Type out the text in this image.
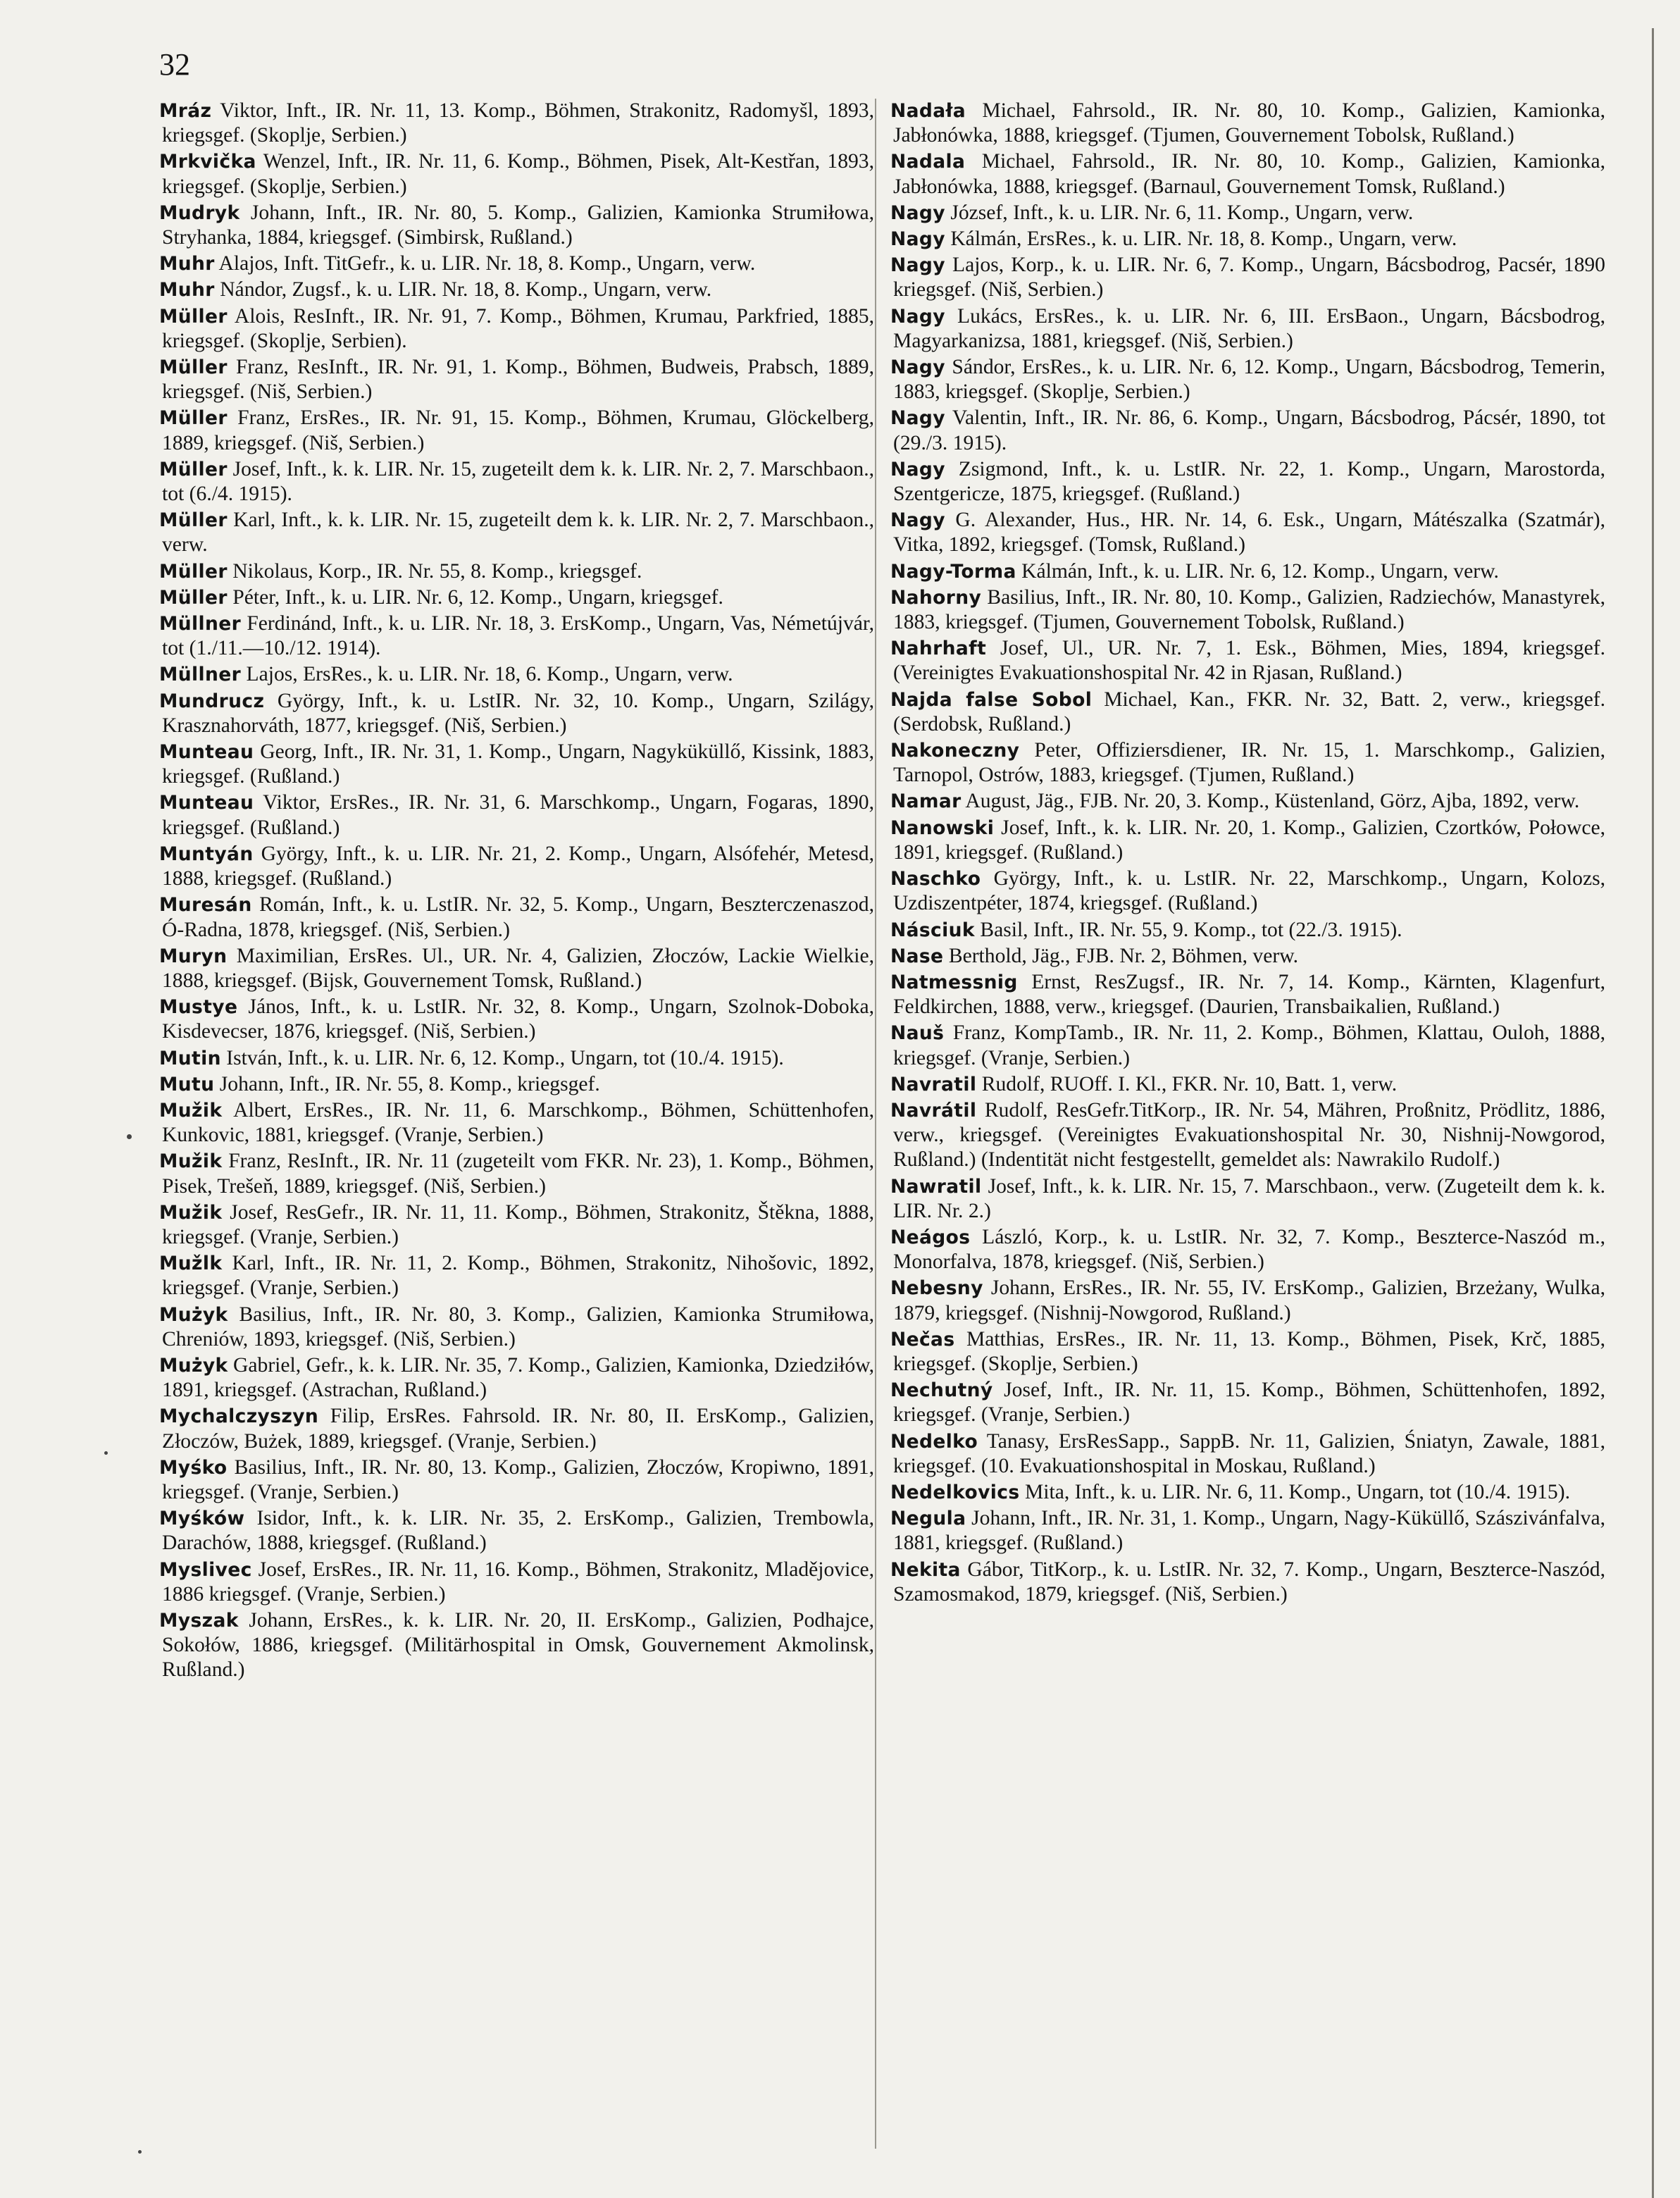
32

Mráz Viktor, Inft., IR. Nr. 11, 13. Komp., Böhmen, Strakonitz, Radomyšl, 1893, kriegsgef. (Skoplje, Serbien.)

Mrkvička Wenzel, Inft., IR. Nr. 11, 6. Komp., Böhmen, Pisek, Alt-Kestřan, 1893, kriegsgef. (Skoplje, Serbien.)

Mudryk Johann, Inft., IR. Nr. 80, 5. Komp., Galizien, Kamionka Strumiłowa, Stryhanka, 1884, kriegsgef. (Simbirsk, Rußland.)

Muhr Alajos, Inft. TitGefr., k. u. LIR. Nr. 18, 8. Komp., Ungarn, verw.

Muhr Nándor, Zugsf., k. u. LIR. Nr. 18, 8. Komp., Ungarn, verw.

Müller Alois, ResInft., IR. Nr. 91, 7. Komp., Böhmen, Krumau, Parkfried, 1885, kriegsgef. (Skoplje, Serbien).

Müller Franz, ResInft., IR. Nr. 91, 1. Komp., Böhmen, Budweis, Prabsch, 1889, kriegsgef. (Niš, Serbien.)

Müller Franz, ErsRes., IR. Nr. 91, 15. Komp., Böhmen, Krumau, Glöckelberg, 1889, kriegsgef. (Niš, Serbien.)

Müller Josef, Inft., k. k. LIR. Nr. 15, zugeteilt dem k. k. LIR. Nr. 2, 7. Marschbaon., tot (6./4. 1915).

Müller Karl, Inft., k. k. LIR. Nr. 15, zugeteilt dem k. k. LIR. Nr. 2, 7. Marschbaon., verw.

Müller Nikolaus, Korp., IR. Nr. 55, 8. Komp., kriegsgef.

Müller Péter, Inft., k. u. LIR. Nr. 6, 12. Komp., Ungarn, kriegsgef.

Müllner Ferdinánd, Inft., k. u. LIR. Nr. 18, 3. ErsKomp., Ungarn, Vas, Németújvár, tot (1./11.—10./12. 1914).

Müllner Lajos, ErsRes., k. u. LIR. Nr. 18, 6. Komp., Ungarn, verw.

Mundrucz György, Inft., k. u. LstIR. Nr. 32, 10. Komp., Ungarn, Szilágy, Krasznahorváth, 1877, kriegsgef. (Niš, Serbien.)

Munteau Georg, Inft., IR. Nr. 31, 1. Komp., Ungarn, Nagyküküllő, Kissink, 1883, kriegsgef. (Rußland.)

Munteau Viktor, ErsRes., IR. Nr. 31, 6. Marschkomp., Ungarn, Fogaras, 1890, kriegsgef. (Rußland.)

Muntyán György, Inft., k. u. LIR. Nr. 21, 2. Komp., Ungarn, Alsófehér, Metesd, 1888, kriegsgef. (Rußland.)

Muresán Román, Inft., k. u. LstIR. Nr. 32, 5. Komp., Ungarn, Beszterczenaszod, Ó-Radna, 1878, kriegsgef. (Niš, Serbien.)

Muryn Maximilian, ErsRes. Ul., UR. Nr. 4, Galizien, Złoczów, Lackie Wielkie, 1888, kriegsgef. (Bijsk, Gouvernement Tomsk, Rußland.)

Mustye János, Inft., k. u. LstIR. Nr. 32, 8. Komp., Ungarn, Szolnok-Doboka, Kisdevecser, 1876, kriegsgef. (Niš, Serbien.)

Mutin István, Inft., k. u. LIR. Nr. 6, 12. Komp., Ungarn, tot (10./4. 1915).

Mutu Johann, Inft., IR. Nr. 55, 8. Komp., kriegsgef.

Mužik Albert, ErsRes., IR. Nr. 11, 6. Marschkomp., Böhmen, Schüttenhofen, Kunkovic, 1881, kriegsgef. (Vranje, Serbien.)

Mužik Franz, ResInft., IR. Nr. 11 (zugeteilt vom FKR. Nr. 23), 1. Komp., Böhmen, Pisek, Trešeň, 1889, kriegsgef. (Niš, Serbien.)

Mužik Josef, ResGefr., IR. Nr. 11, 11. Komp., Böhmen, Strakonitz, Štěkna, 1888, kriegsgef. (Vranje, Serbien.)

Mužlk Karl, Inft., IR. Nr. 11, 2. Komp., Böhmen, Strakonitz, Nihošovic, 1892, kriegsgef. (Vranje, Serbien.)

Mużyk Basilius, Inft., IR. Nr. 80, 3. Komp., Galizien, Kamionka Strumiłowa, Chreniów, 1893, kriegsgef. (Niš, Serbien.)

Mużyk Gabriel, Gefr., k. k. LIR. Nr. 35, 7. Komp., Galizien, Kamionka, Dziedziłów, 1891, kriegsgef. (Astrachan, Rußland.)

Mychalczyszyn Filip, ErsRes. Fahrsold. IR. Nr. 80, II. ErsKomp., Galizien, Złoczów, Bużek, 1889, kriegsgef. (Vranje, Serbien.)

Myśko Basilius, Inft., IR. Nr. 80, 13. Komp., Galizien, Złoczów, Kropiwno, 1891, kriegsgef. (Vranje, Serbien.)

Myśków Isidor, Inft., k. k. LIR. Nr. 35, 2. ErsKomp., Galizien, Trembowla, Darachów, 1888, kriegsgef. (Rußland.)

Myslivec Josef, ErsRes., IR. Nr. 11, 16. Komp., Böhmen, Strakonitz, Mladějovice, 1886 kriegsgef. (Vranje, Serbien.)

Myszak Johann, ErsRes., k. k. LIR. Nr. 20, II. ErsKomp., Galizien, Podhajce, Sokołów, 1886, kriegsgef. (Militärhospital in Omsk, Gouvernement Akmolinsk, Rußland.)

Nadała Michael, Fahrsold., IR. Nr. 80, 10. Komp., Galizien, Kamionka, Jabłonówka, 1888, kriegsgef. (Tjumen, Gouvernement Tobolsk, Rußland.)

Nadala Michael, Fahrsold., IR. Nr. 80, 10. Komp., Galizien, Kamionka, Jabłonówka, 1888, kriegsgef. (Barnaul, Gouvernement Tomsk, Rußland.)

Nagy József, Inft., k. u. LIR. Nr. 6, 11. Komp., Ungarn, verw.

Nagy Kálmán, ErsRes., k. u. LIR. Nr. 18, 8. Komp., Ungarn, verw.

Nagy Lajos, Korp., k. u. LIR. Nr. 6, 7. Komp., Ungarn, Bácsbodrog, Pacsér, 1890 kriegsgef. (Niš, Serbien.)

Nagy Lukács, ErsRes., k. u. LIR. Nr. 6, III. ErsBaon., Ungarn, Bácsbodrog, Magyarkanizsa, 1881, kriegsgef. (Niš, Serbien.)

Nagy Sándor, ErsRes., k. u. LIR. Nr. 6, 12. Komp., Ungarn, Bácsbodrog, Temerin, 1883, kriegsgef. (Skoplje, Serbien.)

Nagy Valentin, Inft., IR. Nr. 86, 6. Komp., Ungarn, Bácsbodrog, Pácsér, 1890, tot (29./3. 1915).

Nagy Zsigmond, Inft., k. u. LstIR. Nr. 22, 1. Komp., Ungarn, Marostorda, Szentgericze, 1875, kriegsgef. (Rußland.)

Nagy G. Alexander, Hus., HR. Nr. 14, 6. Esk., Ungarn, Mátészalka (Szatmár), Vitka, 1892, kriegsgef. (Tomsk, Rußland.)

Nagy-Torma Kálmán, Inft., k. u. LIR. Nr. 6, 12. Komp., Ungarn, verw.

Nahorny Basilius, Inft., IR. Nr. 80, 10. Komp., Galizien, Radziechów, Manastyrek, 1883, kriegsgef. (Tjumen, Gouvernement Tobolsk, Rußland.)

Nahrhaft Josef, Ul., UR. Nr. 7, 1. Esk., Böhmen, Mies, 1894, kriegsgef. (Vereinigtes Evakuationshospital Nr. 42 in Rjasan, Rußland.)

Najda false Sobol Michael, Kan., FKR. Nr. 32, Batt. 2, verw., kriegsgef. (Serdobsk, Rußland.)

Nakoneczny Peter, Offiziersdiener, IR. Nr. 15, 1. Marschkomp., Galizien, Tarnopol, Ostrów, 1883, kriegsgef. (Tjumen, Rußland.)

Namar August, Jäg., FJB. Nr. 20, 3. Komp., Küstenland, Görz, Ajba, 1892, verw.

Nanowski Josef, Inft., k. k. LIR. Nr. 20, 1. Komp., Galizien, Czortków, Połowce, 1891, kriegsgef. (Rußland.)

Naschko György, Inft., k. u. LstIR. Nr. 22, Marschkomp., Ungarn, Kolozs, Uzdiszentpéter, 1874, kriegsgef. (Rußland.)

Násciuk Basil, Inft., IR. Nr. 55, 9. Komp., tot (22./3. 1915).

Nase Berthold, Jäg., FJB. Nr. 2, Böhmen, verw.

Natmessnig Ernst, ResZugsf., IR. Nr. 7, 14. Komp., Kärnten, Klagenfurt, Feldkirchen, 1888, verw., kriegsgef. (Daurien, Transbaikalien, Rußland.)

Nauš Franz, KompTamb., IR. Nr. 11, 2. Komp., Böhmen, Klattau, Ouloh, 1888, kriegsgef. (Vranje, Serbien.)

Navratil Rudolf, RUOff. I. Kl., FKR. Nr. 10, Batt. 1, verw.

Navrátil Rudolf, ResGefr.TitKorp., IR. Nr. 54, Mähren, Proßnitz, Prödlitz, 1886, verw., kriegsgef. (Vereinigtes Evakuationshospital Nr. 30, Nishnij-Nowgorod, Rußland.) (Indentität nicht festgestellt, gemeldet als: Nawrakilo Rudolf.)

Nawratil Josef, Inft., k. k. LIR. Nr. 15, 7. Marschbaon., verw. (Zugeteilt dem k. k. LIR. Nr. 2.)

Neágos László, Korp., k. u. LstIR. Nr. 32, 7. Komp., Beszterce-Naszód m., Monorfalva, 1878, kriegsgef. (Niš, Serbien.)

Nebesny Johann, ErsRes., IR. Nr. 55, IV. ErsKomp., Galizien, Brzeżany, Wulka, 1879, kriegsgef. (Nishnij-Nowgorod, Rußland.)

Nečas Matthias, ErsRes., IR. Nr. 11, 13. Komp., Böhmen, Pisek, Krč, 1885, kriegsgef. (Skoplje, Serbien.)

Nechutný Josef, Inft., IR. Nr. 11, 15. Komp., Böhmen, Schüttenhofen, 1892, kriegsgef. (Vranje, Serbien.)

Nedelko Tanasy, ErsResSapp., SappB. Nr. 11, Galizien, Śniatyn, Zawale, 1881, kriegsgef. (10. Evakuationshospital in Moskau, Rußland.)

Nedelkovics Mita, Inft., k. u. LIR. Nr. 6, 11. Komp., Ungarn, tot (10./4. 1915).

Negula Johann, Inft., IR. Nr. 31, 1. Komp., Ungarn, Nagy-Küküllő, Szászivánfalva, 1881, kriegsgef. (Rußland.)

Nekita Gábor, TitKorp., k. u. LstIR. Nr. 32, 7. Komp., Ungarn, Beszterce-Naszód, Szamosmakod, 1879, kriegsgef. (Niš, Serbien.)
